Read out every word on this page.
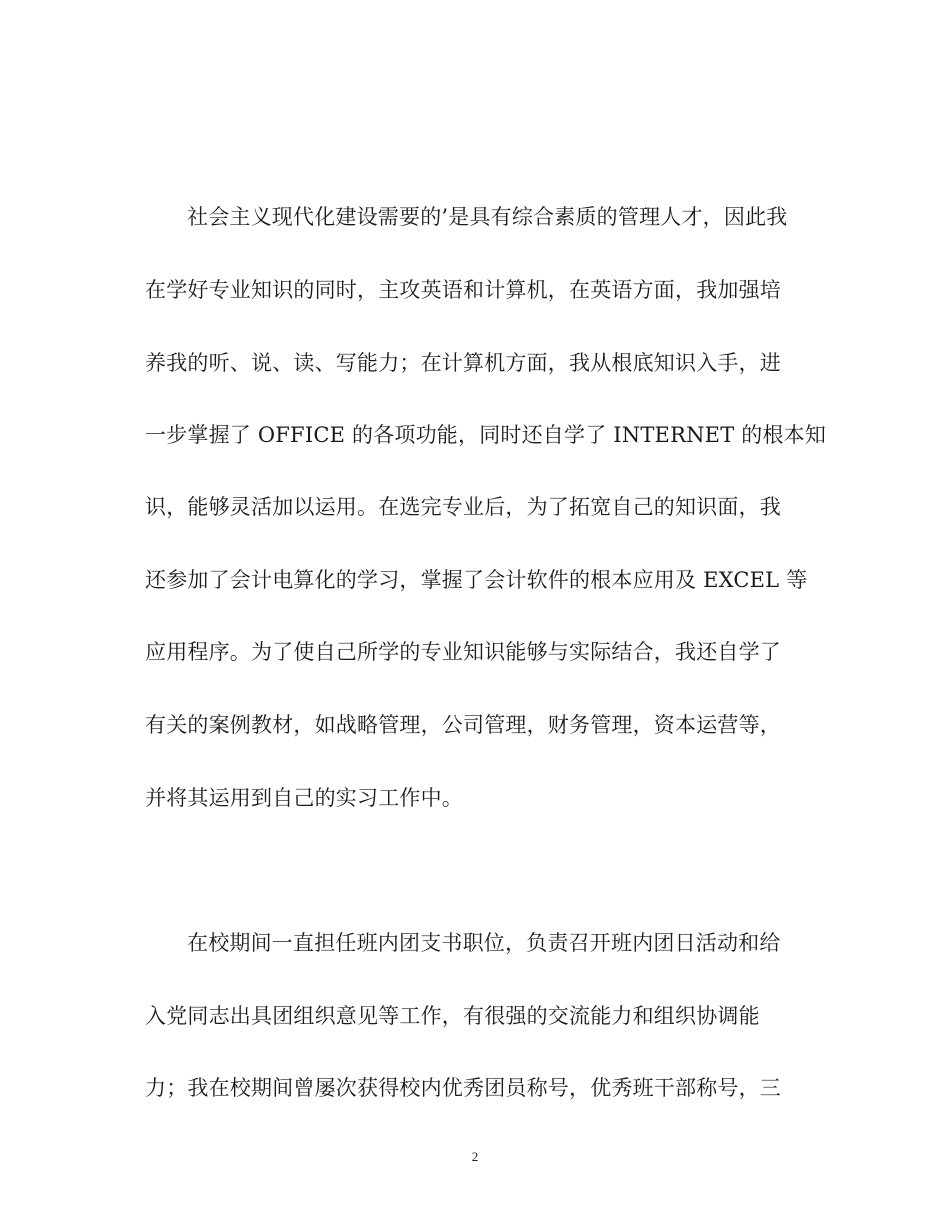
社会主义现代化建设需要的’是具有综合素质的管理人才，因此我
在学好专业知识的同时，主攻英语和计算机，在英语方面，我加强培
养我的听、说、读、写能力；在计算机方面，我从根底知识入手，进
一步掌握了 OFFICE 的各项功能，同时还自学了 INTERNET 的根本知
识，能够灵活加以运用。在选完专业后，为了拓宽自己的知识面，我
还参加了会计电算化的学习，掌握了会计软件的根本应用及 EXCEL 等
应用程序。为了使自己所学的专业知识能够与实际结合，我还自学了
有关的案例教材，如战略管理，公司管理，财务管理，资本运营等，
并将其运用到自己的实习工作中。
在校期间一直担任班内团支书职位，负责召开班内团日活动和给
入党同志出具团组织意见等工作，有很强的交流能力和组织协调能
力；我在校期间曾屡次获得校内优秀团员称号，优秀班干部称号，三
2
